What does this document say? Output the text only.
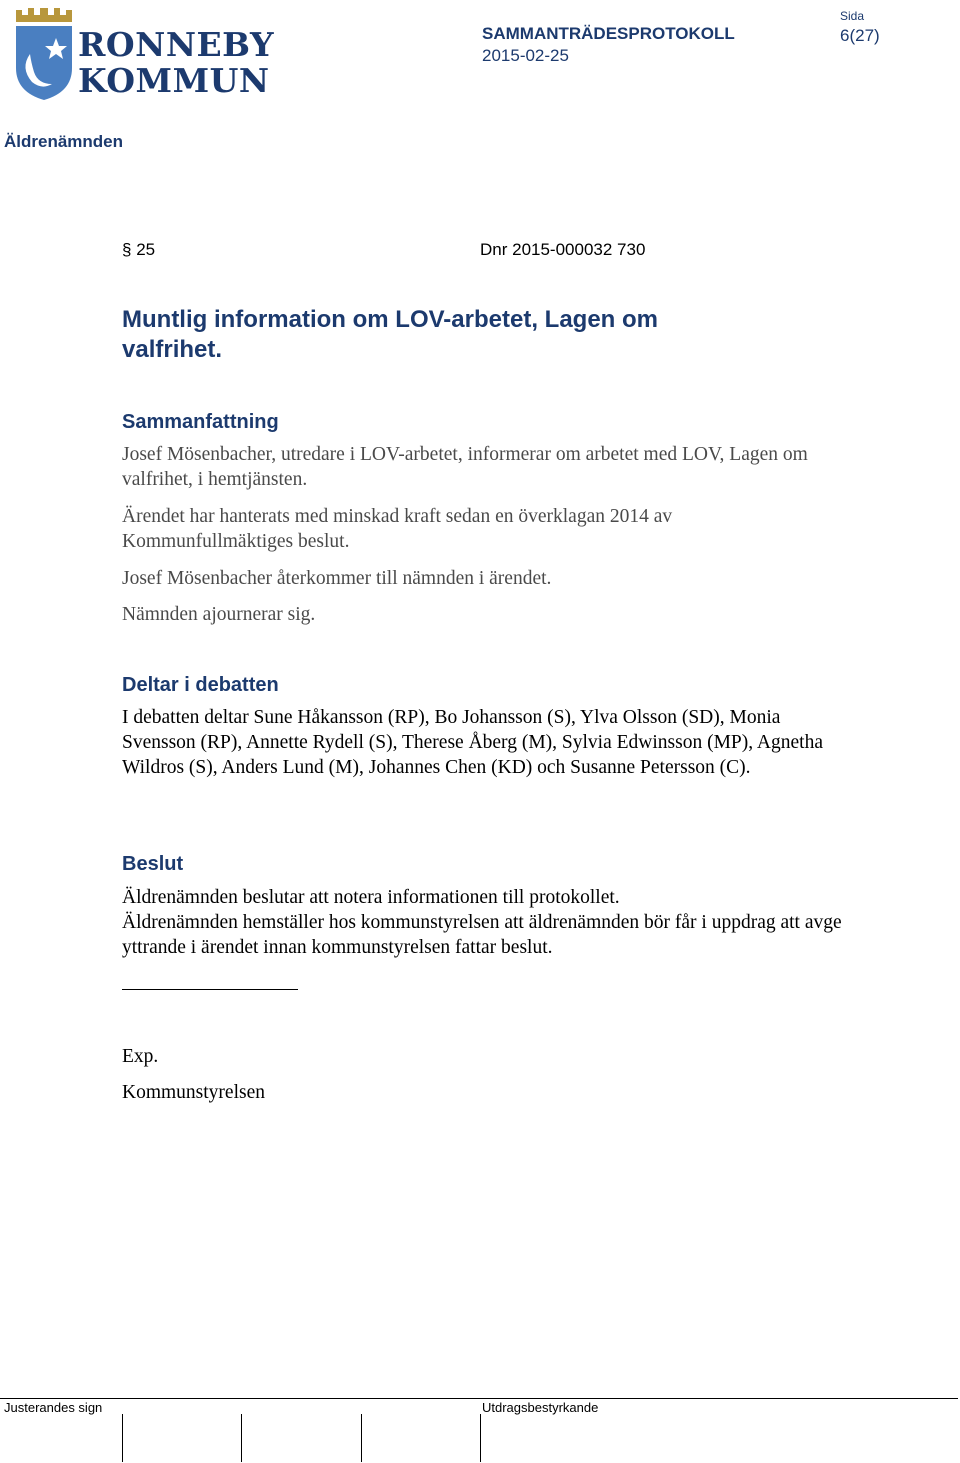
RONNEBY
KOMMUN
SAMMANTRÄDESPROTOKOLL
2015-02-25
Sida
6(27)
Äldrenämnden
§ 25	Dnr 2015-000032 730
Muntlig information om LOV-arbetet, Lagen om valfrihet.
Sammanfattning

Josef Mösenbacher, utredare i LOV-arbetet, informerar om arbetet med LOV, Lagen om valfrihet, i hemtjänsten.

Ärendet har hanterats med minskad kraft sedan en överklagan 2014 av Kommunfullmäktiges beslut.

Josef Mösenbacher återkommer till nämnden i ärendet.

Nämnden ajournerar sig.

Deltar i debatten

I debatten deltar Sune Håkansson (RP), Bo Johansson (S), Ylva Olsson (SD), Monia Svensson (RP), Annette Rydell (S), Therese Åberg (M), Sylvia Edwinsson (MP), Agnetha Wildros (S), Anders Lund (M), Johannes Chen (KD) och Susanne Petersson (C).

Beslut

Äldrenämnden beslutar att notera informationen till protokollet.

Äldrenämnden hemställer hos kommunstyrelsen att äldrenämnden bör får i uppdrag att avge yttrande i ärendet innan kommunstyrelsen fattar beslut.

Exp.

Kommunstyrelsen

Justerandes sign	Utdragsbestyrkande
